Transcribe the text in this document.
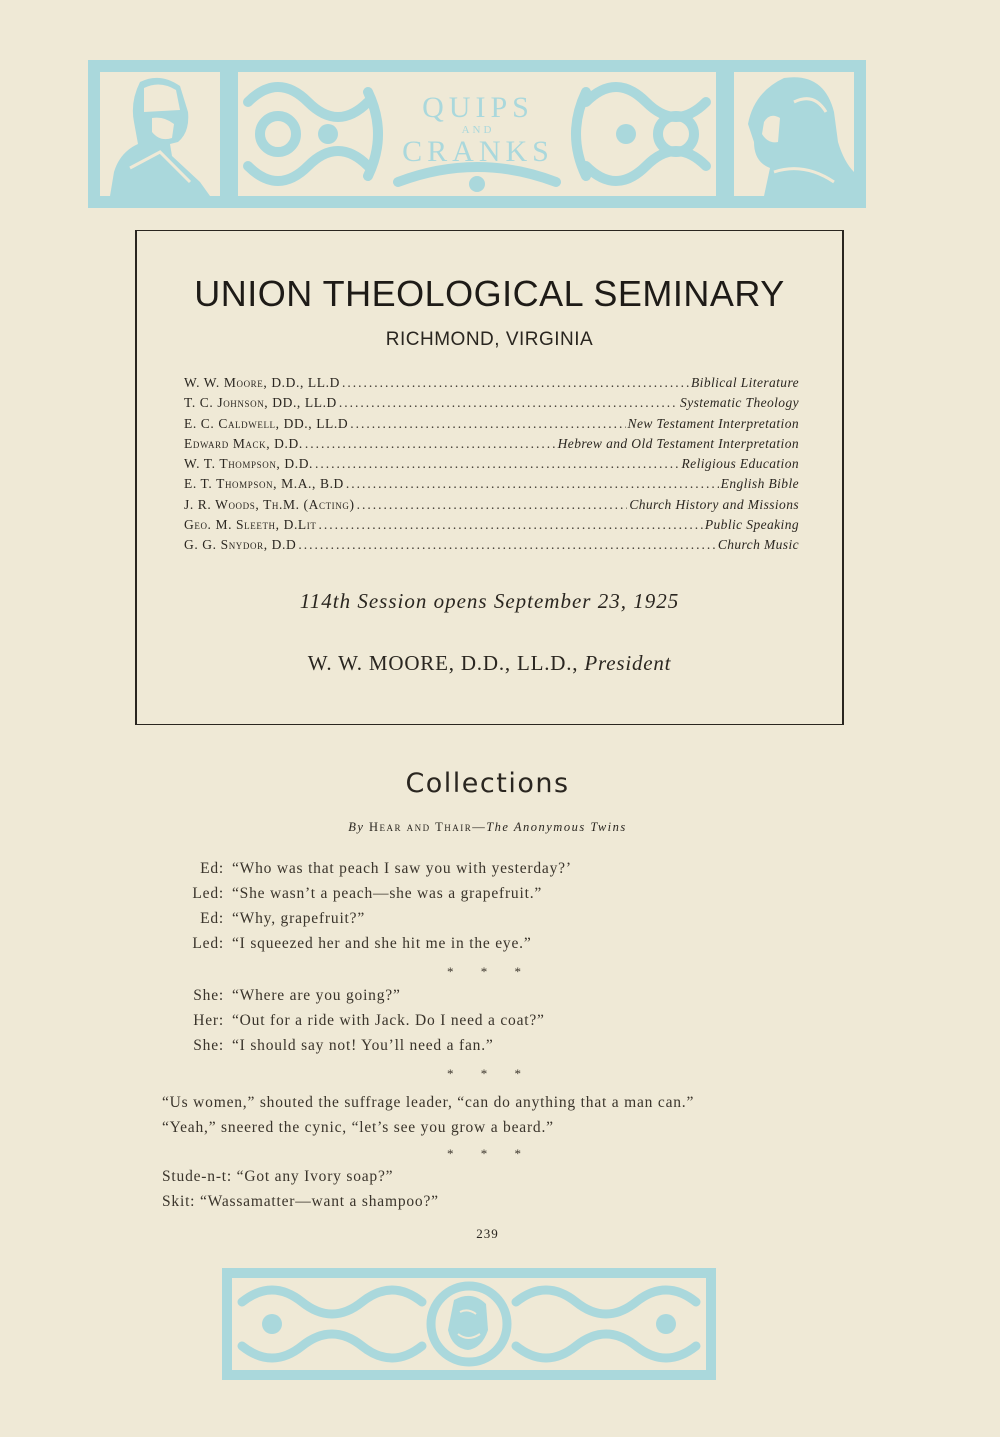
QUIPS
AND
CRANKS
UNION THEOLOGICAL SEMINARY
RICHMOND, VIRGINIA
W. W. Moore, D.D., LL.D .....	Biblical Literature
T. C. Johnson, DD., LL.D .....	Systematic Theology
E. C. Caldwell, DD., LL.D .....	New Testament Interpretation
Edward Mack, D.D. .....	Hebrew and Old Testament Interpretation
W. T. Thompson, D.D. .....	Religious Education
E. T. Thompson, M.A., B.D .....	English Bible
J. R. Woods, Th.M. (Acting) .....	Church History and Missions
Geo. M. Sleeth, D.Lit .....	Public Speaking
G. G. Snydor, D.D .....	Church Music
114th Session opens September 23, 1925
W. W. MOORE, D.D., LL.D., President
Collections
By Hear and Thair—The Anonymous Twins
Ed: “Who was that peach I saw you with yesterday?’
Led: “She wasn’t a peach—she was a grapefruit.”
Ed: “Why, grapefruit?”
Led: “I squeezed her and she hit me in the eye.”
* * *
She: “Where are you going?”
Her: “Out for a ride with Jack. Do I need a coat?”
She: “I should say not! You’ll need a fan.”
* * *
“Us women,” shouted the suffrage leader, “can do anything that a man can.”
“Yeah,” sneered the cynic, “let’s see you grow a beard.”
* * *
Stude-n-t: “Got any Ivory soap?”
Skit: “Wassamatter—want a shampoo?”
239
